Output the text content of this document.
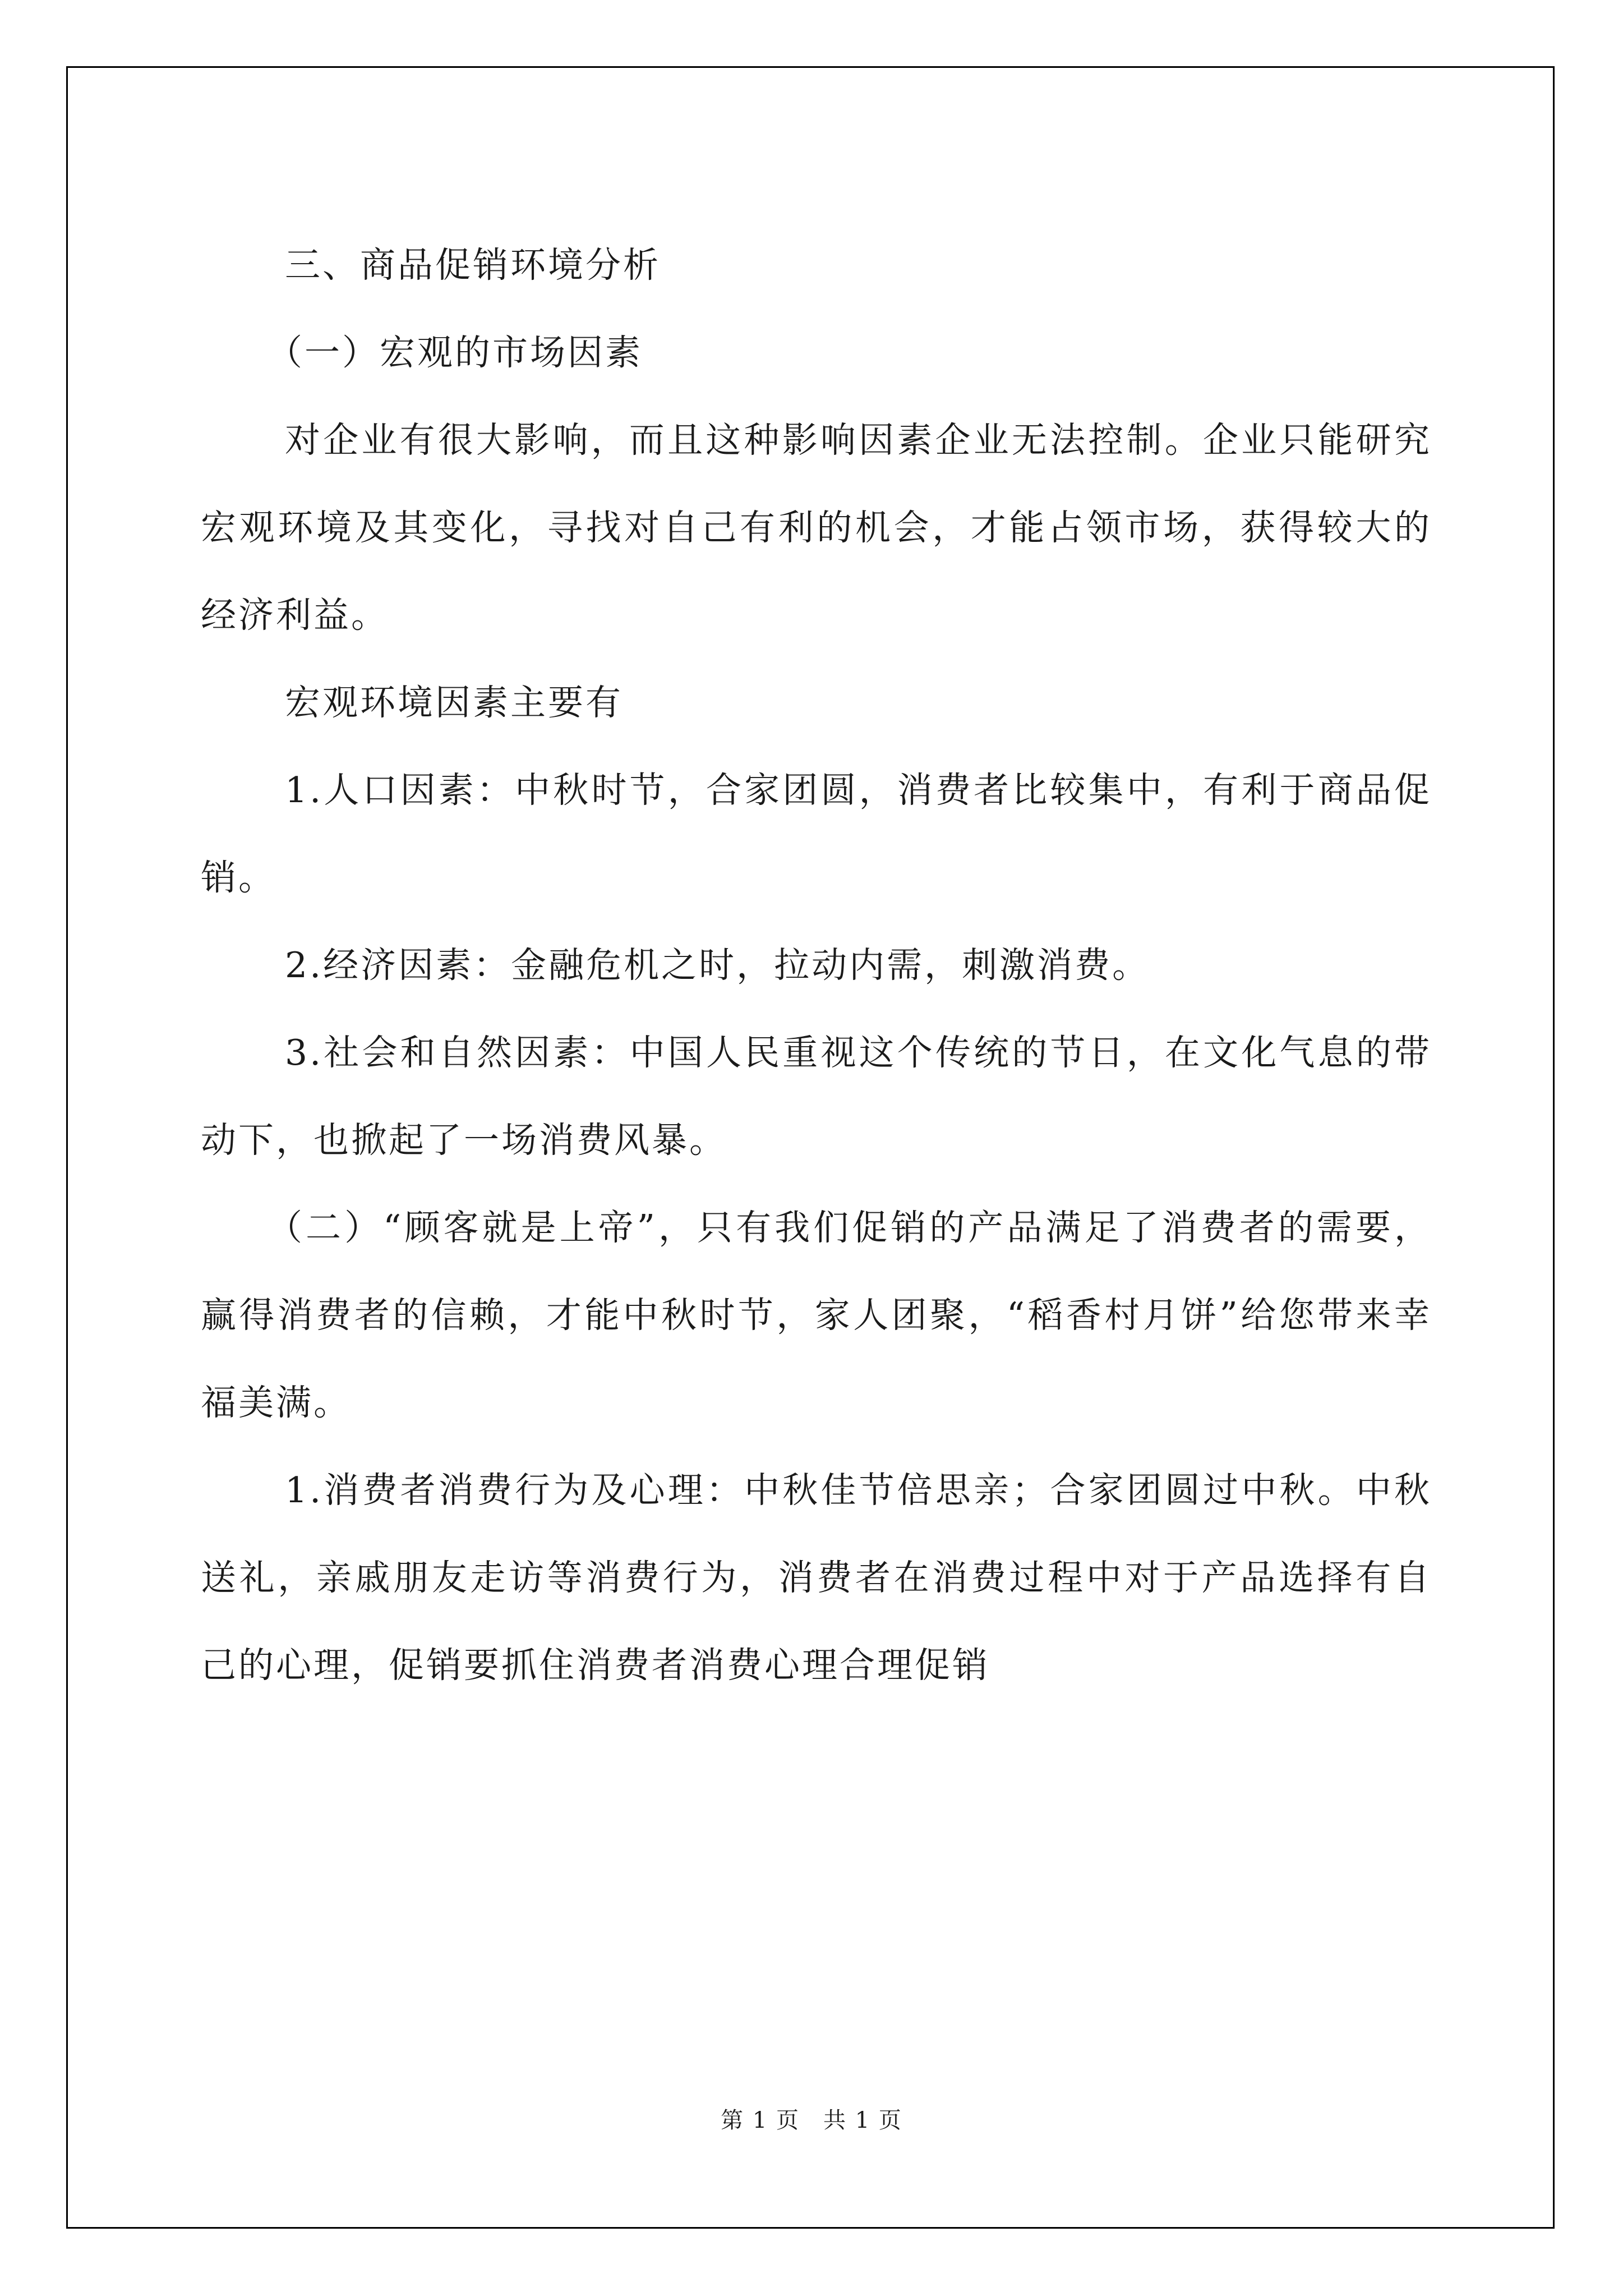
三、商品促销环境分析

（一）宏观的市场因素

对企业有很大影响，而且这种影响因素企业无法控制。企业只能研究宏观环境及其变化，寻找对自己有利的机会，才能占领市场，获得较大的经济利益。

宏观环境因素主要有

1.人口因素：中秋时节，合家团圆，消费者比较集中，有利于商品促销。

2.经济因素：金融危机之时，拉动内需，刺激消费。

3.社会和自然因素：中国人民重视这个传统的节日，在文化气息的带动下，也掀起了一场消费风暴。

（二）“顾客就是上帝”，只有我们促销的产品满足了消费者的需要，赢得消费者的信赖，才能中秋时节，家人团聚，“稻香村月饼”给您带来幸福美满。

1.消费者消费行为及心理：中秋佳节倍思亲；合家团圆过中秋。中秋送礼，亲戚朋友走访等消费行为，消费者在消费过程中对于产品选择有自己的心理，促销要抓住消费者消费心理合理促销

第 1 页　共 1 页
